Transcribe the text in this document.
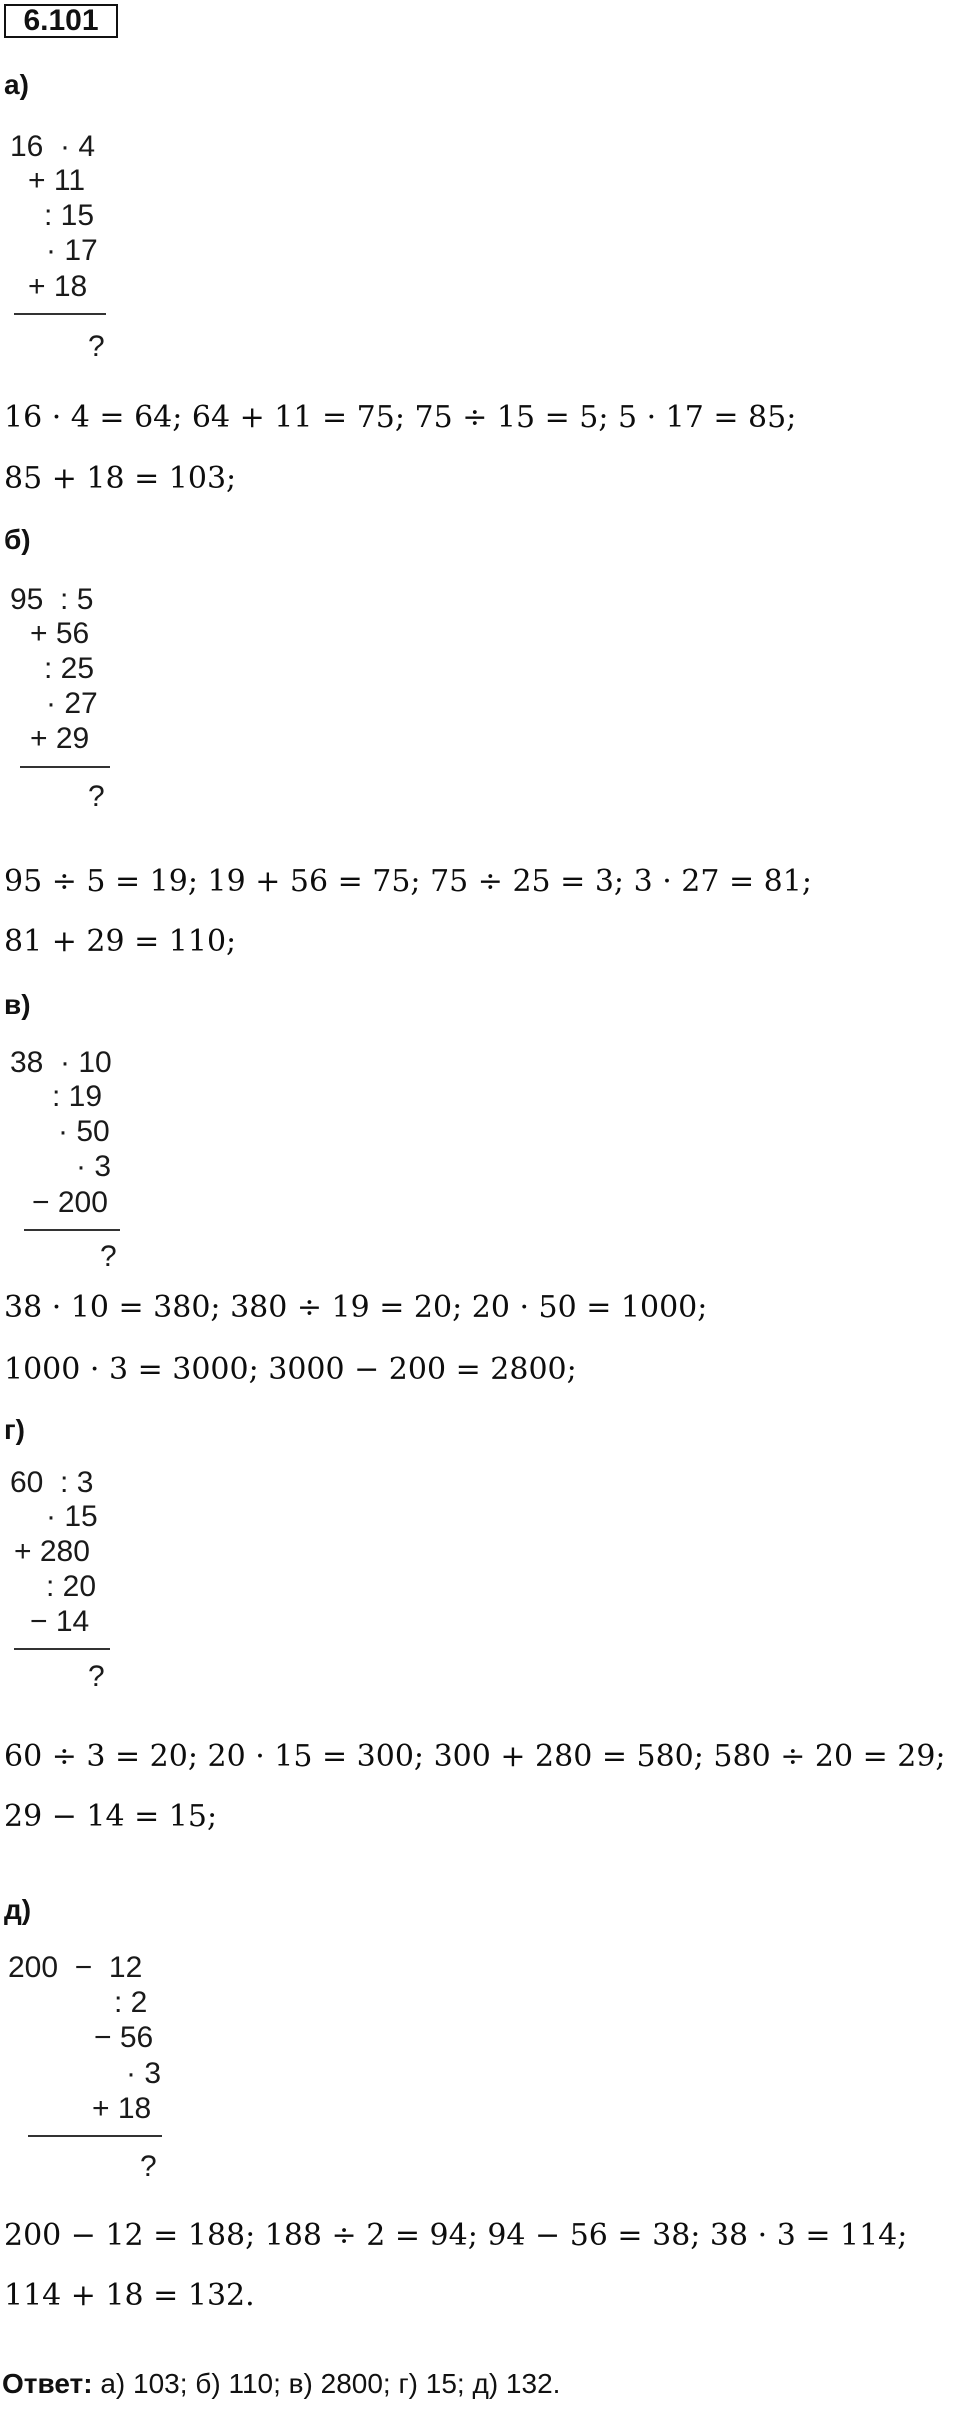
6.101
а)
16  · 4
+ 11
: 15
· 17
+ 18
?
16 · 4 = 64; 64 + 11 = 75; 75 ÷ 15 = 5; 5 · 17 = 85;
85 + 18 = 103;
б)
95  : 5
+ 56
: 25
· 27
+ 29
?
95 ÷ 5 = 19; 19 + 56 = 75; 75 ÷ 25 = 3; 3 · 27 = 81;
81 + 29 = 110;
в)
38  · 10
: 19
· 50
· 3
− 200
?
38 · 10 = 380; 380 ÷ 19 = 20; 20 · 50 = 1000;
1000 · 3 = 3000; 3000 − 200 = 2800;
г)
60  : 3
· 15
+ 280
: 20
− 14
?
60 ÷ 3 = 20; 20 · 15 = 300; 300 + 280 = 580; 580 ÷ 20 = 29;
29 − 14 = 15;
д)
200  −  12
: 2
− 56
· 3
+ 18
?
200 − 12 = 188; 188 ÷ 2 = 94; 94 − 56 = 38; 38 · 3 = 114;
114 + 18 = 132.
Ответ: а) 103; б) 110; в) 2800; г) 15; д) 132.
